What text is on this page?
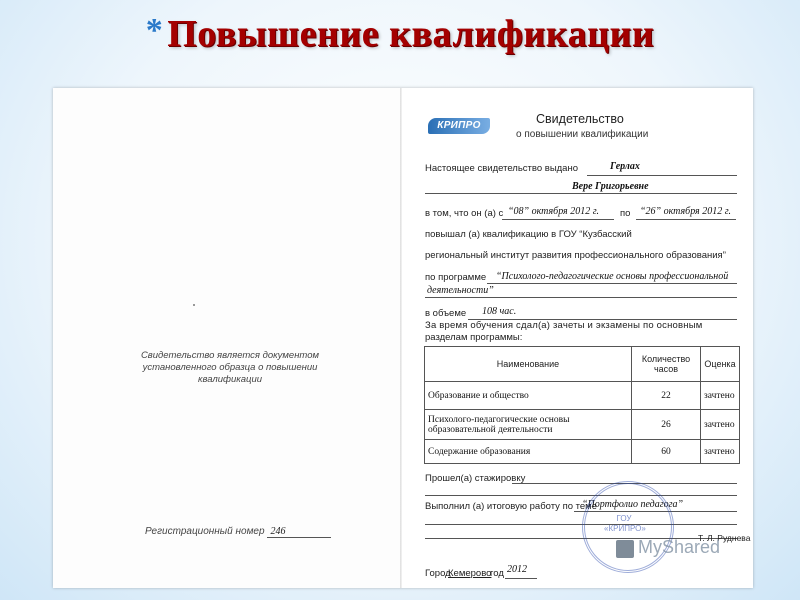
* Повышение квалификации
Свидетельство является документом
установленного образца о повышении квалификации
Регистрационный номер 246
КРИПРО	Свидетельство
о повышении квалификации
Настоящее свидетельство выдано	Герлах
Вере Григорьевне
в том, что он (а) с “08” октября 2012 г. по “26” октября 2012 г.
повышал (а) квалификацию в ГОУ “Кузбасский
региональный институт развития профессионального образования”
по программе “Психолого-педагогические основы профессиональной
деятельности”
в объеме 108 час.
За время обучения сдал(а) зачеты и экзамены по основным
разделам программы:
Наименование	Количество часов	Оценка
Образование и общество	22	зачтено
Психолого-педагогические основы образовательной деятельности	26	зачтено
Содержание образования	60	зачтено
Прошел(а) стажировку
Выполнил (а) итоговую работу по теме
“Портфолио педагога”
ГОУ «КРИПРО»
Т. Л. Руднева
Город
Кемерово
год 2012
MyShared
